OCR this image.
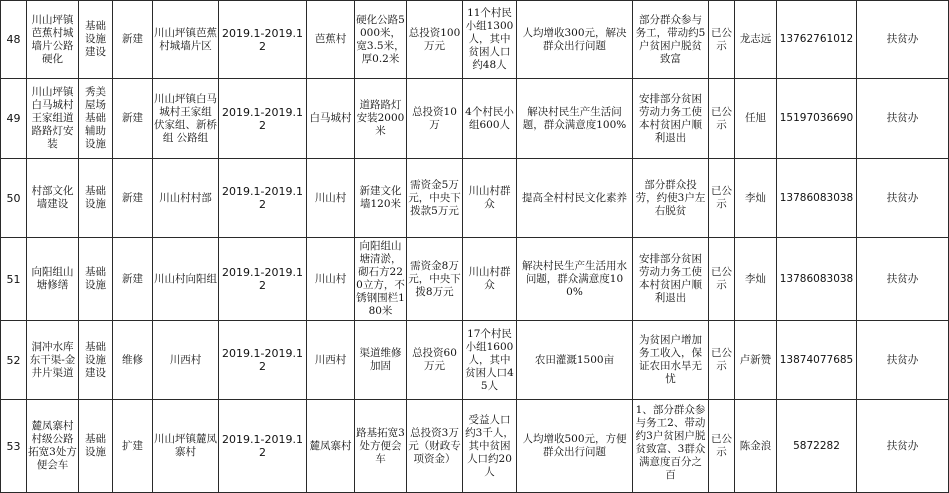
48	川山坪镇芭蕉村城墙片公路硬化	基础设施建设	新建	川山坪镇芭蕉村城墙片区	2019.1-2019.12	芭蕉村	硬化公路5000米，宽3.5米，厚0.2米	总投资100万元	11个村民小组1300人，其中贫困人口约48人	人均增收300元，解决群众出行问题	部分群众参与务工，带动约5户贫困户脱贫致富	已公示	龙志远	13762761012	扶贫办
49	川山坪镇白马城村王家组道路路灯安装	秀美屋场基础辅助设施	新建	川山坪镇白马城村王家组 伏家组、新桥组 公路组	2019.1-2019.12	白马城村	道路路灯安装2000米	总投资10万	4个村民小组600人	解决村民生产生活问题，群众满意度100%	安排部分贫困劳动力务工使本村贫困户顺利退出	已公示	任旭	15197036690	扶贫办
50	村部文化墙建设	基础设施	新建	川山村村部	2019.1-2019.12	川山村	新建文化墙120米	需资金5万元，中央下拨款5万元	川山村群众	提高全村村民文化素养	部分群众投劳，约使3户左右脱贫	已公示	李灿	13786083038	扶贫办
51	向阳组山塘修缮	基础设施	新建	川山村向阳组	2019.1-2019.12	川山村	向阳组山塘清淤，砌石方220立方，不锈钢围栏180米	需资金8万元，中央下拨8万元	川山村群众	解决村民生产生活用水问题，群众满意度100%	安排部分贫困劳动力务工使本村贫困户顺利退出	已公示	李灿	13786083038	扶贫办
52	洞冲水库东干渠-金井片渠道	基础设施建设	维修	川西村	2019.1-2019.12	川西村	渠道维修加固	总投资60万元	17个村民小组1600人，其中贫困人口45人	农田灌溉1500亩	为贫困户增加务工收入，保证农田水旱无忧	已公示	卢新赞	13874077685	扶贫办
53	麓凤寨村村级公路拓宽3处方便会车	基础设施	扩建	川山坪镇麓凤寨村	2019.1-2019.12	麓凤寨村	路基拓宽3处方便会车	总投资3万元（财政专项资金）	受益人口约3千人，其中贫困人口约20人	人均增收500元，方便群众出行问题	1、部分群众参与务工2、带动约3户贫困户脱贫致富、3群众满意度百分之百	已公示	陈金浪	5872282	扶贫办
